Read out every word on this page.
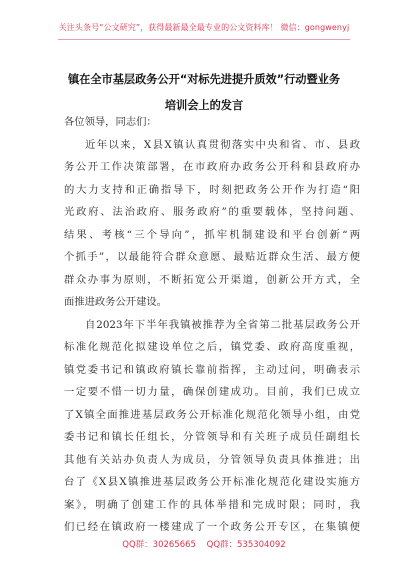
关注头条号“公文研究”，获得最新最全最专业的公文资料库！ 微信：gongwenyj
镇在全市基层政务公开“对标先进提升质效”行动暨业务
培训会上的发言
各位领导，同志们：
近年以来，X县X镇认真贯彻落实中央和省、市、县政
务公开工作决策部署，在市政府办政务公开科和县政府办
的大力支持和正确指导下，时刻把政务公开作为打造“阳
光政府、法治政府、服务政府”的重要载体，坚持问题、
结果、考核“三个导向”，抓牢机制建设和平台创新“两
个抓手”，以最能符合群众意愿、最贴近群众生活、最方便
群众办事为原则，不断拓宽公开渠道，创新公开方式，全
面推进政务公开建设。
自2023年下半年我镇被推荐为全省第二批基层政务公开
标准化规范化拟建设单位之后，镇党委、政府高度重视，
镇党委书记和镇政府镇长靠前指挥，主动过问，明确表示
一定要不惜一切力量，确保创建成功。目前，我们已成立
了X镇全面推进基层政务公开标准化规范化领导小组，由党
委书记和镇长任组长，分管领导和有关班子成员任副组长
其他有关站办负责人为成员，分管领导负责具体推进；出
台了《X县X镇推进基层政务公开标准化规范化建设实施方
案》，明确了创建工作的具体举措和完成时限；同时，我
们已经在镇政府一楼建成了一个政务公开专区，在集镇便
QQ群：30265665 QQ群：535304092
